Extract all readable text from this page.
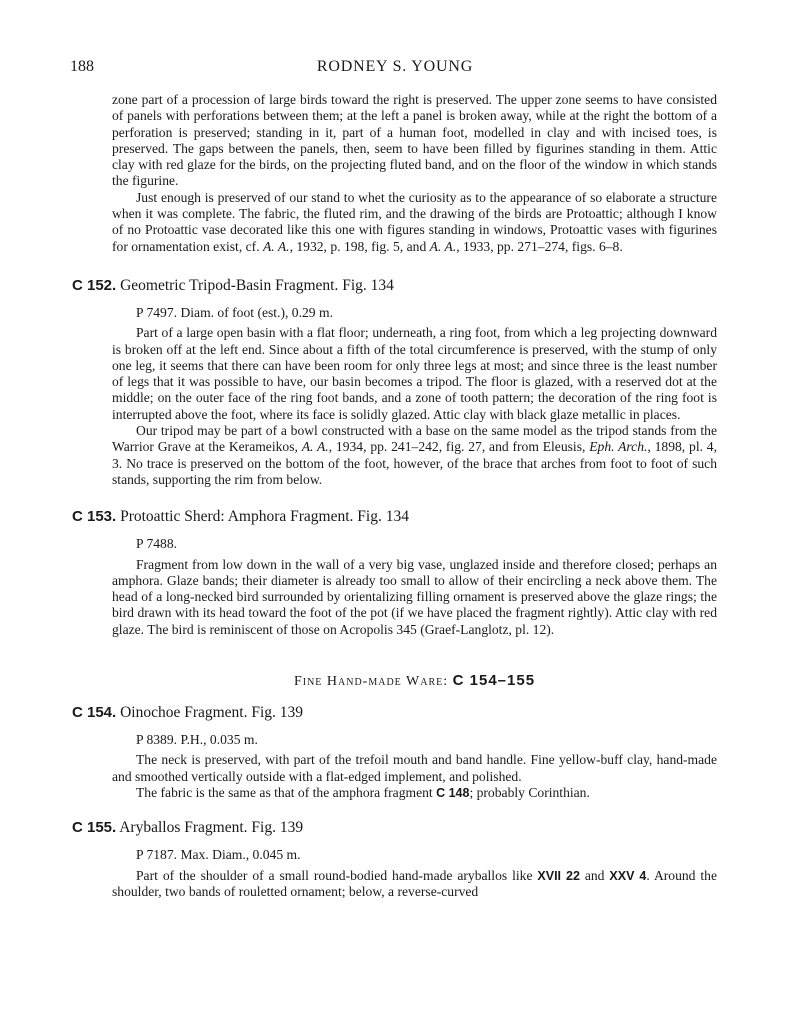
188	RODNEY S. YOUNG

zone part of a procession of large birds toward the right is preserved. The upper zone seems to have consisted of panels with perforations between them; at the left a panel is broken away, while at the right the bottom of a perforation is preserved; standing in it, part of a human foot, modelled in clay and with incised toes, is preserved. The gaps between the panels, then, seem to have been filled by figurines standing in them. Attic clay with red glaze for the birds, on the projecting fluted band, and on the floor of the window in which stands the figurine.

Just enough is preserved of our stand to whet the curiosity as to the appearance of so elaborate a structure when it was complete. The fabric, the fluted rim, and the drawing of the birds are Protoattic; although I know of no Protoattic vase decorated like this one with figures standing in windows, Protoattic vases with figurines for ornamentation exist, cf. A. A., 1932, p. 198, fig. 5, and A. A., 1933, pp. 271–274, figs. 6–8.

C 152. Geometric Tripod-Basin Fragment. Fig. 134
P 7497. Diam. of foot (est.), 0.29 m.

Part of a large open basin with a flat floor; underneath, a ring foot, from which a leg projecting downward is broken off at the left end. Since about a fifth of the total circumference is preserved, with the stump of only one leg, it seems that there can have been room for only three legs at most; and since three is the least number of legs that it was possible to have, our basin becomes a tripod. The floor is glazed, with a reserved dot at the middle; on the outer face of the ring foot bands, and a zone of tooth pattern; the decoration of the ring foot is interrupted above the foot, where its face is solidly glazed. Attic clay with black glaze metallic in places.

Our tripod may be part of a bowl constructed with a base on the same model as the tripod stands from the Warrior Grave at the Kerameikos, A. A., 1934, pp. 241–242, fig. 27, and from Eleusis, Eph. Arch., 1898, pl. 4, 3. No trace is preserved on the bottom of the foot, however, of the brace that arches from foot to foot of such stands, supporting the rim from below.

C 153. Protoattic Sherd: Amphora Fragment. Fig. 134
P 7488.

Fragment from low down in the wall of a very big vase, unglazed inside and therefore closed; perhaps an amphora. Glaze bands; their diameter is already too small to allow of their encircling a neck above them. The head of a long-necked bird surrounded by orientalizing filling ornament is preserved above the glaze rings; the bird drawn with its head toward the foot of the pot (if we have placed the fragment rightly). Attic clay with red glaze. The bird is reminiscent of those on Acropolis 345 (Graef-Langlotz, pl. 12).

Fine Hand-made Ware: C 154–155
C 154. Oinochoe Fragment. Fig. 139
P 8389. P.H., 0.035 m.

The neck is preserved, with part of the trefoil mouth and band handle. Fine yellow-buff clay, hand-made and smoothed vertically outside with a flat-edged implement, and polished.

The fabric is the same as that of the amphora fragment C 148; probably Corinthian.

C 155. Aryballos Fragment. Fig. 139
P 7187. Max. Diam., 0.045 m.

Part of the shoulder of a small round-bodied hand-made aryballos like XVII 22 and XXV 4. Around the shoulder, two bands of rouletted ornament; below, a reverse-curved
